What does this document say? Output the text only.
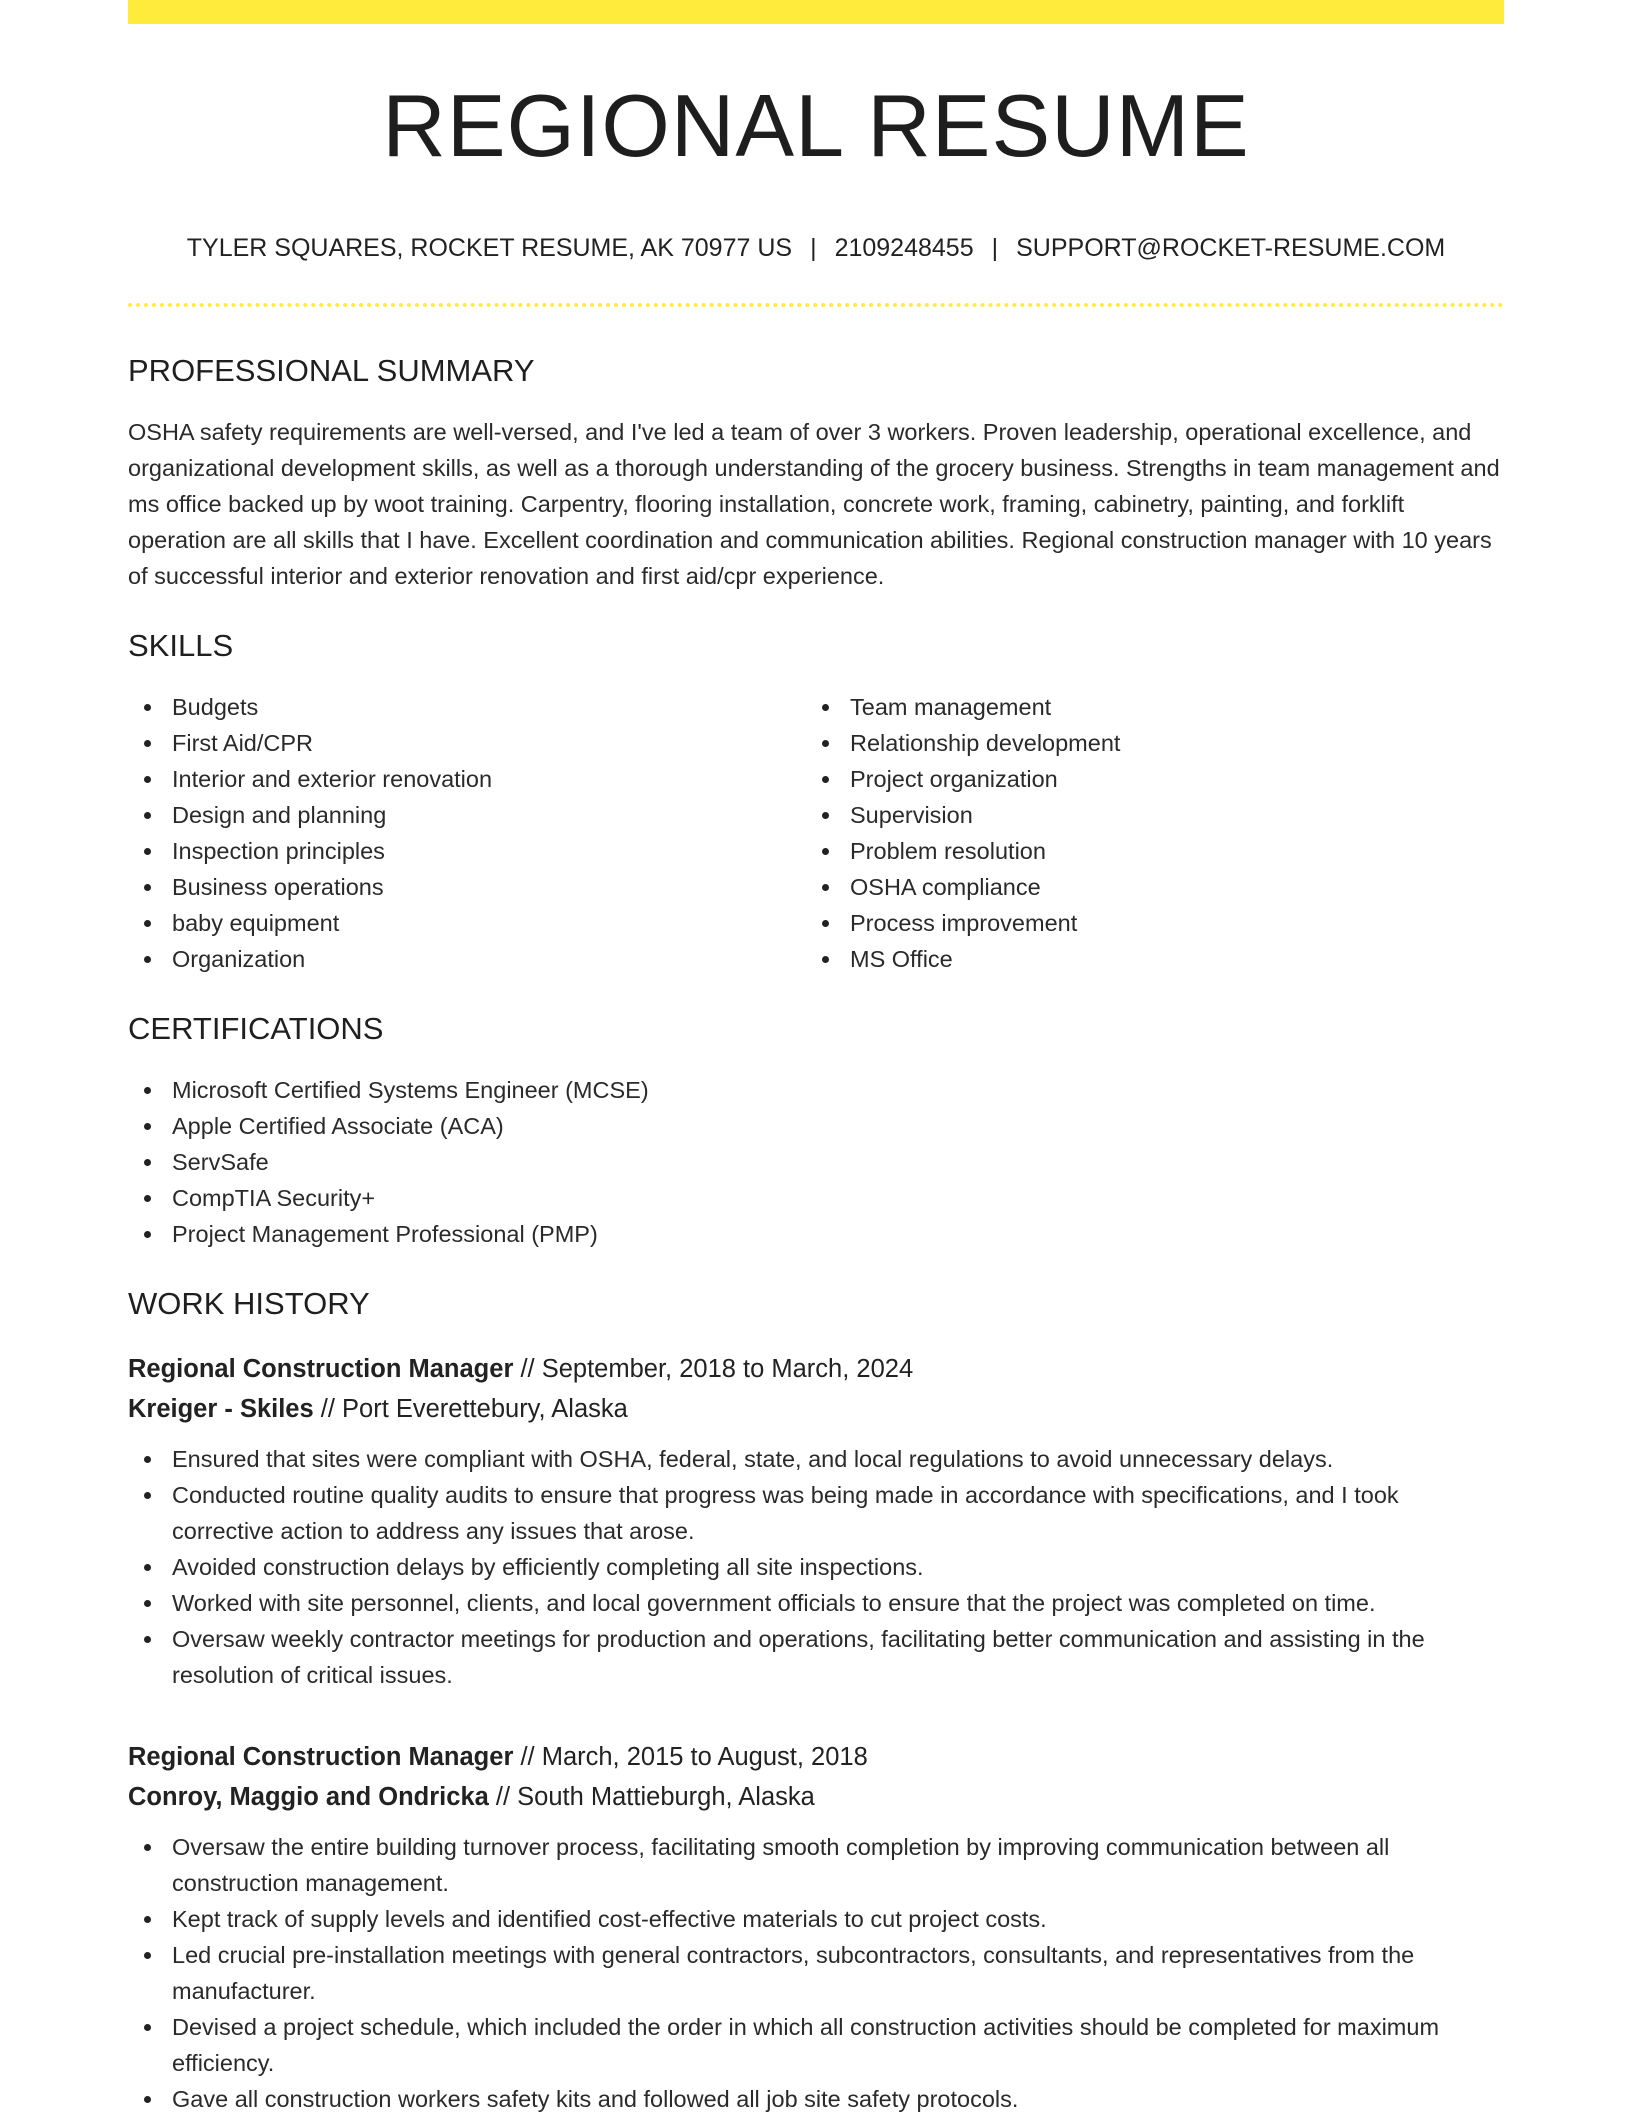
REGIONAL RESUME
TYLER SQUARES, ROCKET RESUME, AK 70977 US | 2109248455 | SUPPORT@ROCKET-RESUME.COM
PROFESSIONAL SUMMARY

OSHA safety requirements are well-versed, and I've led a team of over 3 workers. Proven leadership, operational excellence, and organizational development skills, as well as a thorough understanding of the grocery business. Strengths in team management and ms office backed up by woot training. Carpentry, flooring installation, concrete work, framing, cabinetry, painting, and forklift operation are all skills that I have. Excellent coordination and communication abilities. Regional construction manager with 10 years of successful interior and exterior renovation and first aid/cpr experience.

SKILLS
Budgets
First Aid/CPR
Interior and exterior renovation
Design and planning
Inspection principles
Business operations
baby equipment
Organization
Team management
Relationship development
Project organization
Supervision
Problem resolution
OSHA compliance
Process improvement
MS Office
CERTIFICATIONS
Microsoft Certified Systems Engineer (MCSE)
Apple Certified Associate (ACA)
ServSafe
CompTIA Security+
Project Management Professional (PMP)
WORK HISTORY
Regional Construction Manager // September, 2018 to March, 2024
Kreiger - Skiles // Port Everettebury, Alaska
Ensured that sites were compliant with OSHA, federal, state, and local regulations to avoid unnecessary delays.
Conducted routine quality audits to ensure that progress was being made in accordance with specifications, and I took corrective action to address any issues that arose.
Avoided construction delays by efficiently completing all site inspections.
Worked with site personnel, clients, and local government officials to ensure that the project was completed on time.
Oversaw weekly contractor meetings for production and operations, facilitating better communication and assisting in the resolution of critical issues.
Regional Construction Manager // March, 2015 to August, 2018
Conroy, Maggio and Ondricka // South Mattieburgh, Alaska
Oversaw the entire building turnover process, facilitating smooth completion by improving communication between all construction management.
Kept track of supply levels and identified cost-effective materials to cut project costs.
Led crucial pre-installation meetings with general contractors, subcontractors, consultants, and representatives from the manufacturer.
Devised a project schedule, which included the order in which all construction activities should be completed for maximum efficiency.
Gave all construction workers safety kits and followed all job site safety protocols.
